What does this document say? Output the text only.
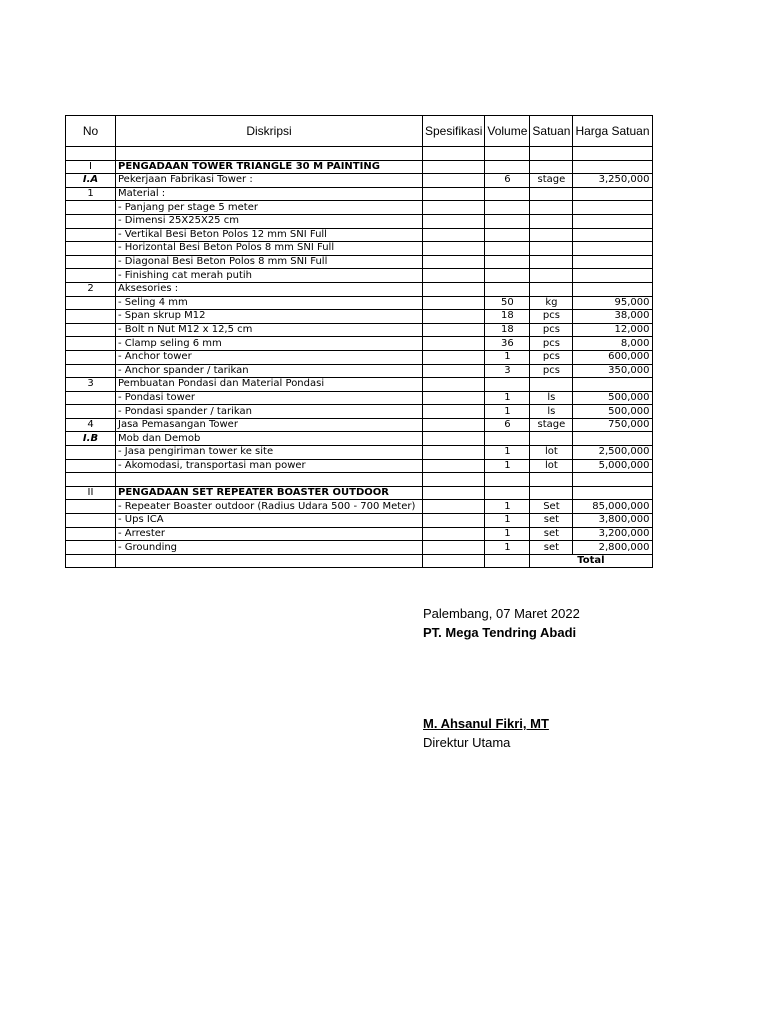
No	Diskripsi	Spesifikasi	Volume	Satuan	Harga Satuan

I	PENGADAAN TOWER TRIANGLE 30 M PAINTING				
I.A	Pekerjaan Fabrikasi Tower :		6	stage	3,250,000
1	Material :				
	- Panjang per stage 5 meter				
	- Dimensi 25X25X25 cm				
	- Vertikal Besi Beton Polos 12 mm SNI Full				
	- Horizontal Besi Beton Polos 8 mm SNI Full				
	- Diagonal Besi Beton Polos 8 mm SNI Full				
	- Finishing cat merah putih				
2	Aksesories :				
	- Seling 4 mm		50	kg	95,000
	- Span skrup M12		18	pcs	38,000
	- Bolt n Nut M12 x 12,5 cm		18	pcs	12,000
	- Clamp seling 6 mm		36	pcs	8,000
	- Anchor tower		1	pcs	600,000
	- Anchor spander / tarikan		3	pcs	350,000
3	Pembuatan Pondasi dan Material Pondasi				
	- Pondasi tower		1	ls	500,000
	- Pondasi spander / tarikan		1	ls	500,000
4	Jasa Pemasangan Tower		6	stage	750,000
I.B	Mob dan Demob				
	- Jasa pengiriman tower ke site		1	lot	2,500,000
	- Akomodasi, transportasi man power		1	lot	5,000,000

II	PENGADAAN SET REPEATER BOASTER OUTDOOR				
	- Repeater Boaster outdoor (Radius Udara 500 - 700 Meter)		1	Set	85,000,000
	- Ups ICA		1	set	3,800,000
	- Arrester		1	set	3,200,000
	- Grounding		1	set	2,800,000
				Total	
Palembang, 07 Maret 2022
PT. Mega Tendring Abadi
M. Ahsanul Fikri, MT
Direktur Utama
